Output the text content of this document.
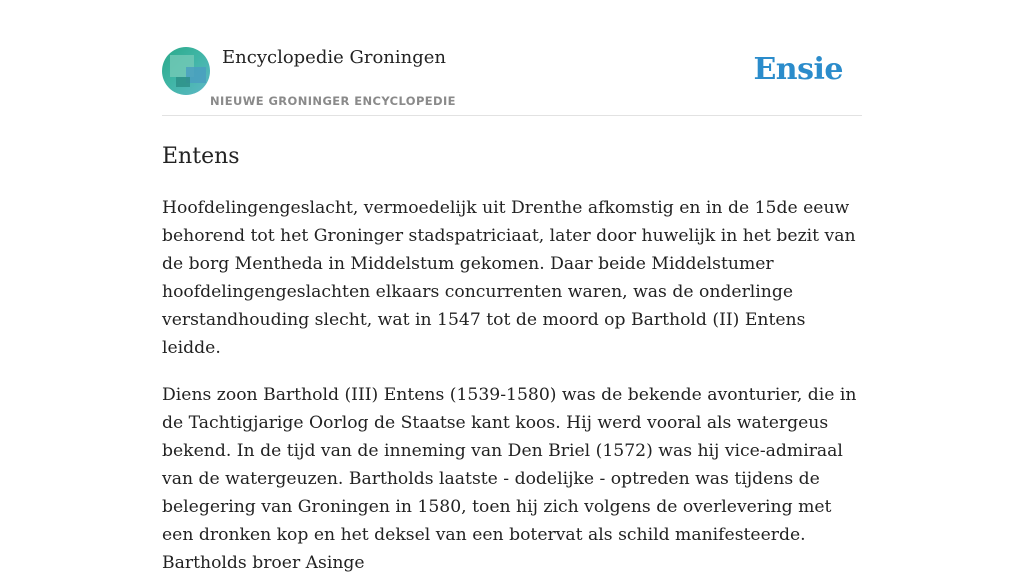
Encyclopedie Groningen
NIEUWE GRONINGER ENCYCLOPEDIE
Ensie
Entens

Hoofdelingengeslacht, vermoedelijk uit Drenthe afkomstig en in de 15de eeuw behorend tot het Groninger stadspatriciaat, later door huwelijk in het bezit van de borg Mentheda in Middelstum gekomen. Daar beide Middelstumer hoofdelingengeslachten elkaars concurrenten waren, was de onderlinge verstandhouding slecht, wat in 1547 tot de moord op Barthold (II) Entens leidde.

Diens zoon Barthold (III) Entens (1539-1580) was de bekende avonturier, die in de Tachtigjarige Oorlog de Staatse kant koos. Hij werd vooral als watergeus bekend. In de tijd van de inneming van Den Briel (1572) was hij vice-admiraal van de watergeuzen. Bartholds laatste - dodelijke - optreden was tijdens de belegering van Groningen in 1580, toen hij zich volgens de overlevering met een dronken kop en het deksel van een botervat als schild manifesteerde. Bartholds broer Asinge
